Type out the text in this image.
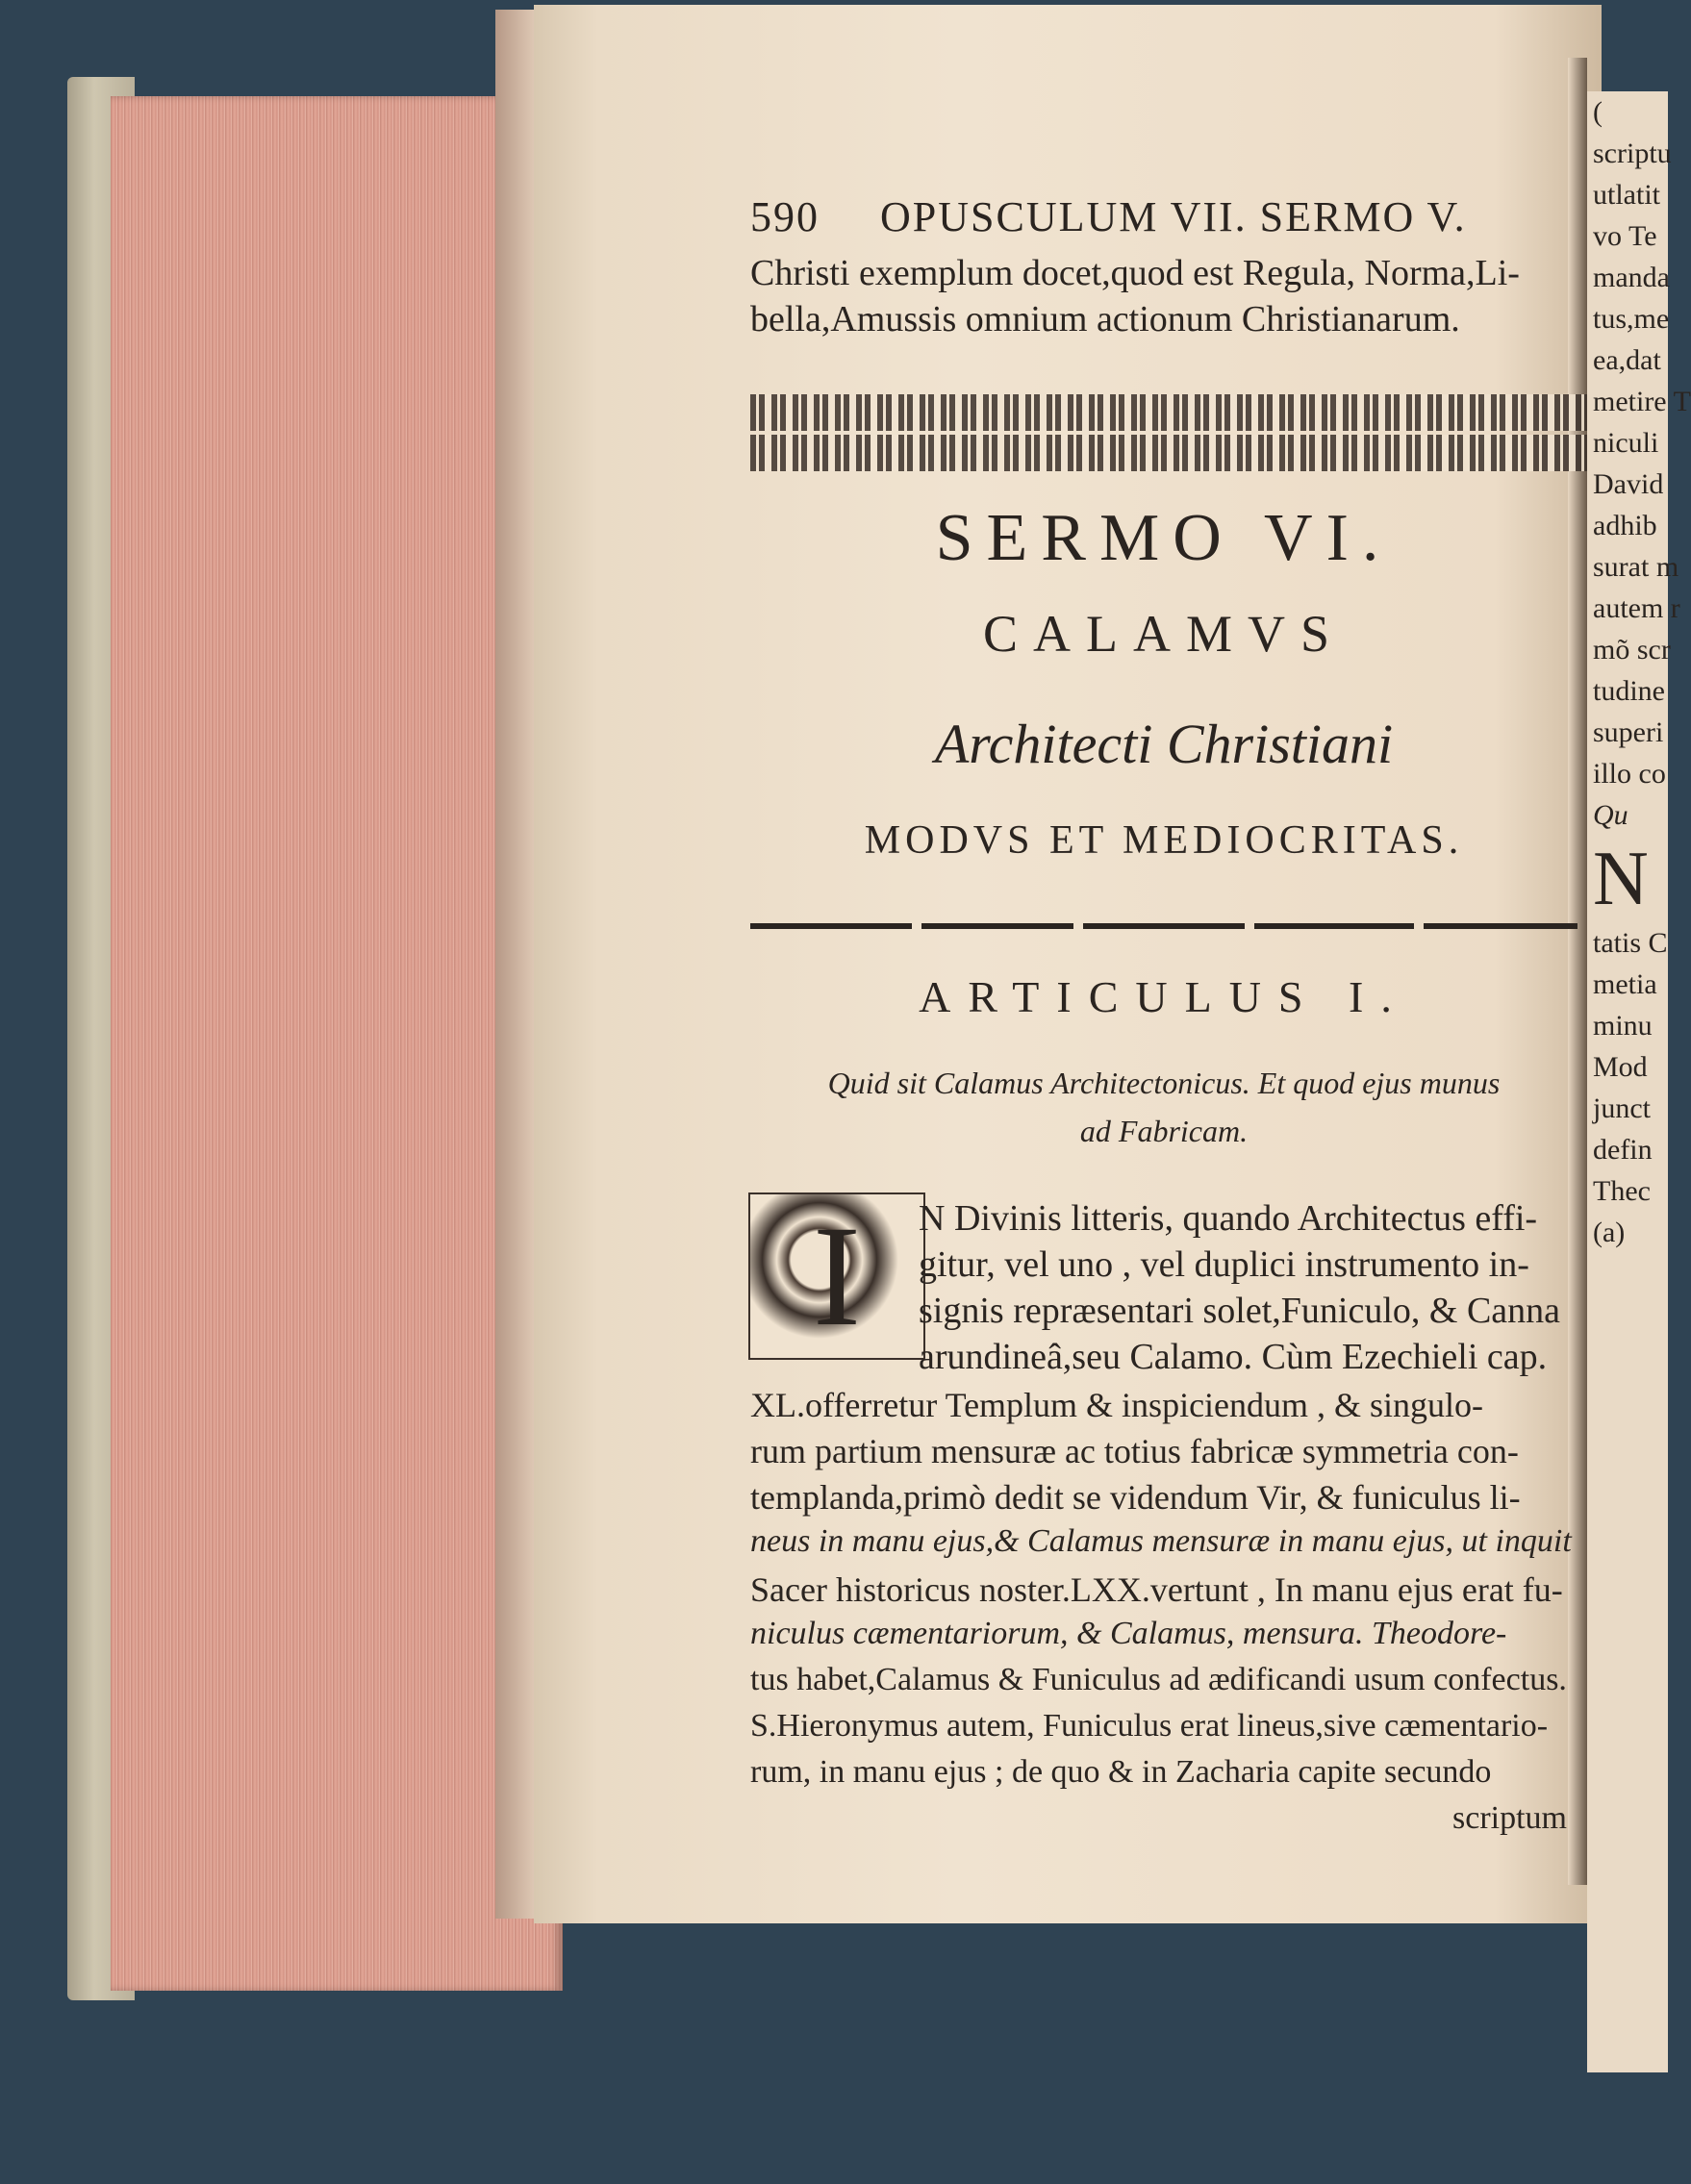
(
scriptu
utlatit
vo Te
manda
tus,me
ea,dat
metire T
niculi
David
adhib
surat m
autem r
mõ scr
tudine
superi
illo co
Qu
N
tatis C
metia
minu
Mod
junct
defin
Thec
(a)
590 OPUSCULUM VII. SERMO V.
Christi exemplum docet,quod est Regula, Norma,Li-
bella,Amussis omnium actionum Christianarum.
SERMO VI.
CALAMVS
Architecti Christiani
MODVS ET MEDIOCRITAS.
ARTICULUS I.
Quid sit Calamus Architectonicus. Et quod ejus munus
ad Fabricam.
I	N Divinis litteris, quando Architectus effi-
gitur, vel uno , vel duplici instrumento in-
signis repræsentari solet,Funiculo, & Canna
arundineâ,seu Calamo. Cùm Ezechieli cap.
XL.offerretur Templum & inspiciendum , & singulo-
rum partium mensuræ ac totius fabricæ symmetria con-
templanda,primò dedit se videndum Vir, & funiculus li-
neus in manu ejus,& Calamus mensuræ in manu ejus, ut inquit
Sacer historicus noster.LXX.vertunt , In manu ejus erat fu-
niculus cæmentariorum, & Calamus, mensura. Theodore-
tus habet,Calamus & Funiculus ad ædificandi usum confectus.
S.Hieronymus autem, Funiculus erat lineus,sive cæmentario-
rum, in manu ejus ; de quo & in Zacharia capite secundo
scriptum
